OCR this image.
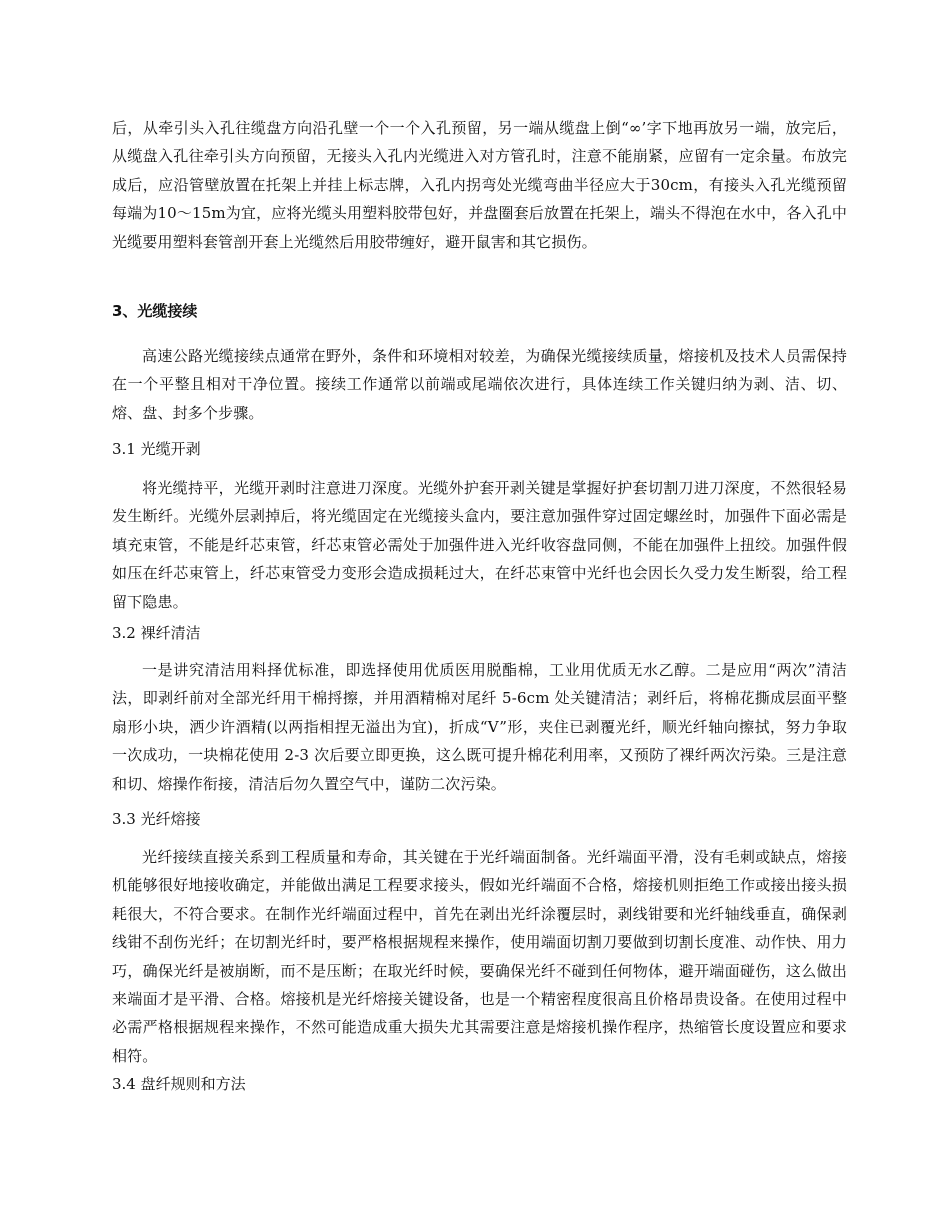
后，从牵引头入孔往缆盘方向沿孔壁一个一个入孔预留，另一端从缆盘上倒“∞’字下地再放另一端，放完后，从缆盘入孔往牵引头方向预留，无接头入孔内光缆进入对方管孔时，注意不能崩紧，应留有一定余量。布放完成后，应沿管壁放置在托架上并挂上标志牌，入孔内拐弯处光缆弯曲半径应大于30cm，有接头入孔光缆预留每端为10～15m为宜，应将光缆头用塑料胶带包好，并盘圈套后放置在托架上，端头不得泡在水中，各入孔中光缆要用塑料套管剖开套上光缆然后用胶带缠好，避开鼠害和其它损伤。

3、光缆接续

高速公路光缆接续点通常在野外，条件和环境相对较差，为确保光缆接续质量，熔接机及技术人员需保持在一个平整且相对干净位置。接续工作通常以前端或尾端依次进行，具体连续工作关键归纳为剥、洁、切、熔、盘、封多个步骤。

3.1 光缆开剥

将光缆持平，光缆开剥时注意进刀深度。光缆外护套开剥关键是掌握好护套切割刀进刀深度，不然很轻易发生断纤。光缆外层剥掉后，将光缆固定在光缆接头盒内，要注意加强件穿过固定螺丝时，加强件下面必需是填充束管，不能是纤芯束管，纤芯束管必需处于加强件进入光纤收容盘同侧，不能在加强件上扭绞。加强件假如压在纤芯束管上，纤芯束管受力变形会造成损耗过大，在纤芯束管中光纤也会因长久受力发生断裂，给工程留下隐患。

3.2 裸纤清洁

一是讲究清洁用料择优标准，即选择使用优质医用脱酯棉，工业用优质无水乙醇。二是应用“两次”清洁法，即剥纤前对全部光纤用干棉捋擦，并用酒精棉对尾纤 5-6cm 处关键清洁；剥纤后，将棉花撕成层面平整扇形小块，洒少许酒精(以两指相捏无溢出为宜)，折成“V”形，夹住已剥覆光纤，顺光纤轴向擦拭，努力争取一次成功，一块棉花使用 2-3 次后要立即更换，这么既可提升棉花利用率，又预防了裸纤两次污染。三是注意和切、熔操作衔接，清洁后勿久置空气中，谨防二次污染。

3.3 光纤熔接

光纤接续直接关系到工程质量和寿命，其关键在于光纤端面制备。光纤端面平滑，没有毛刺或缺点，熔接机能够很好地接收确定，并能做出满足工程要求接头，假如光纤端面不合格，熔接机则拒绝工作或接出接头损耗很大，不符合要求。在制作光纤端面过程中，首先在剥出光纤涂覆层时，剥线钳要和光纤轴线垂直，确保剥线钳不刮伤光纤；在切割光纤时，要严格根据规程来操作，使用端面切割刀要做到切割长度准、动作快、用力巧，确保光纤是被崩断，而不是压断；在取光纤时候，要确保光纤不碰到任何物体，避开端面碰伤，这么做出来端面才是平滑、合格。熔接机是光纤熔接关键设备，也是一个精密程度很高且价格昂贵设备。在使用过程中必需严格根据规程来操作，不然可能造成重大损失尤其需要注意是熔接机操作程序，热缩管长度设置应和要求相符。

3.4 盘纤规则和方法
